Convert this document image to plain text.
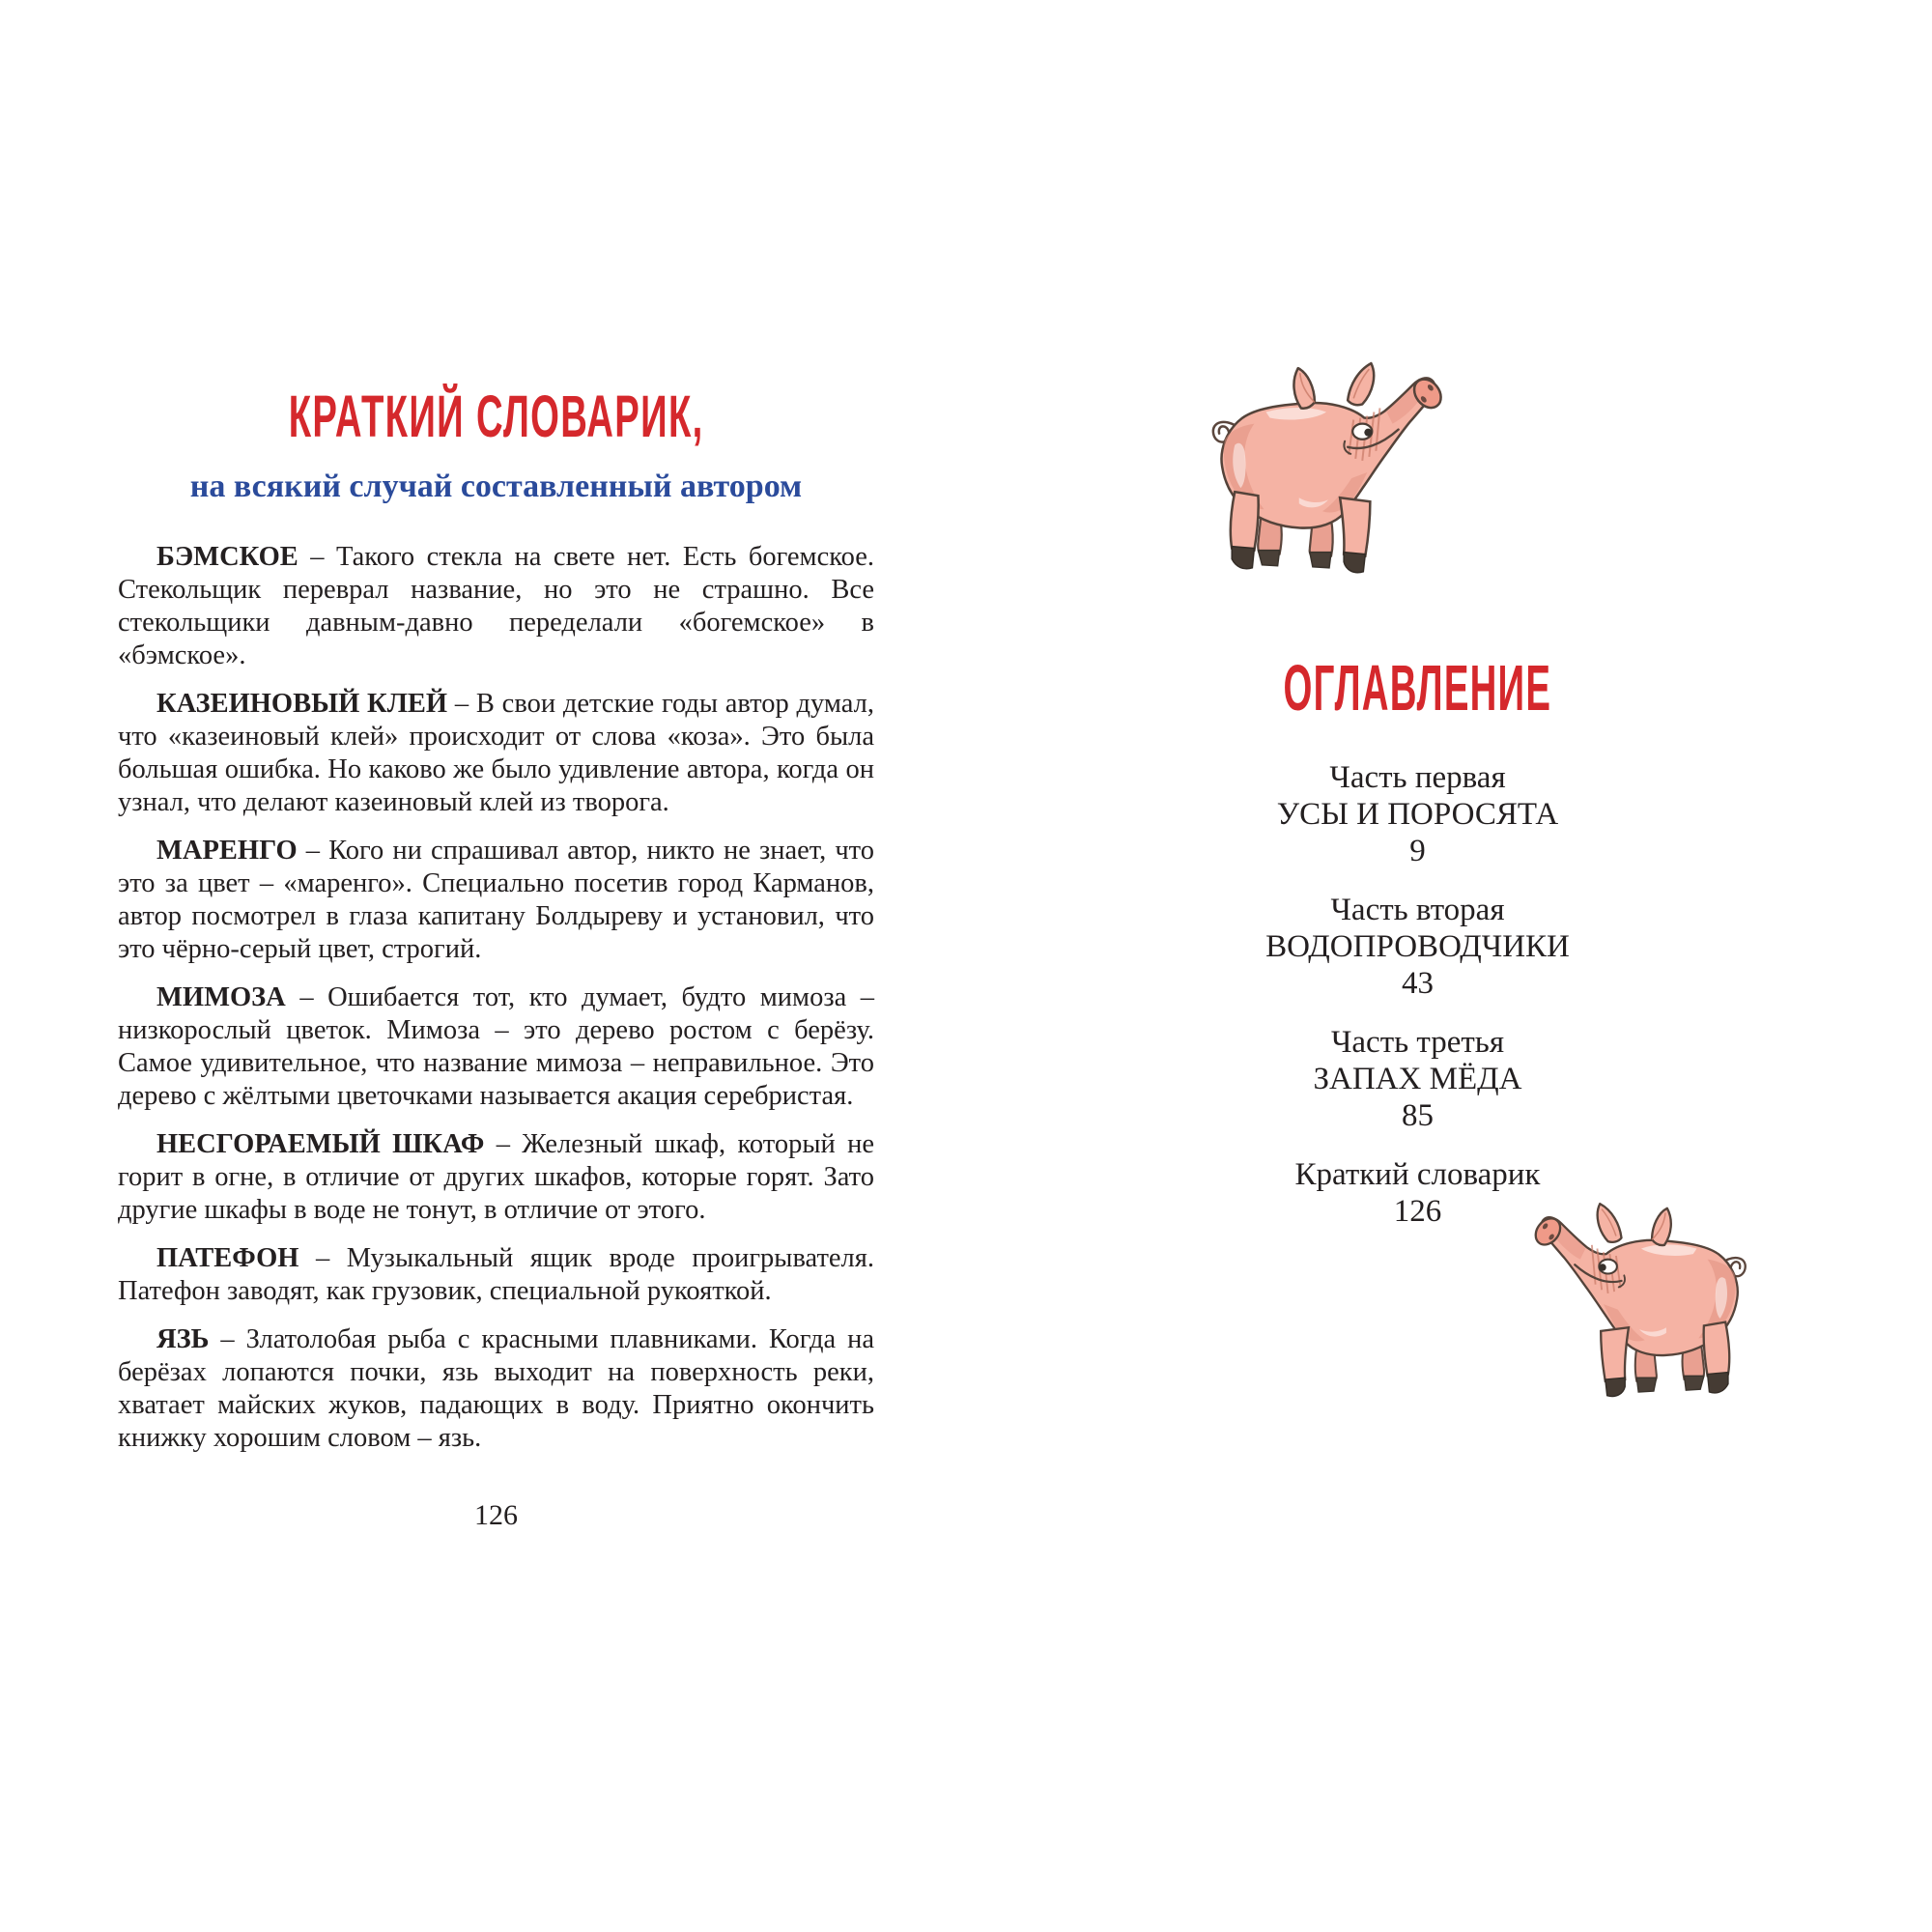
КРАТКИЙ СЛОВАРИК,
на всякий случай составленный автором

БЭМСКОЕ – Такого стекла на свете нет. Есть богемское. Стекольщик переврал название, но это не страшно. Все стекольщики давным-давно переделали «богемское» в «бэмское».

КАЗЕИНОВЫЙ КЛЕЙ – В свои детские годы автор думал, что «казеиновый клей» происходит от слова «коза». Это была большая ошибка. Но каково же было удивление автора, когда он узнал, что делают казеиновый клей из творога.

МАРЕНГО – Кого ни спрашивал автор, никто не знает, что это за цвет – «маренго». Специально посетив город Карманов, автор посмотрел в глаза капитану Болдыреву и установил, что это чёрно-серый цвет, строгий.

МИМОЗА – Ошибается тот, кто думает, будто мимоза – низкорослый цветок. Мимоза – это дерево ростом с берёзу. Самое удивительное, что название мимоза – неправильное. Это дерево с жёлтыми цветочками называется акация серебристая.

НЕСГОРАЕМЫЙ ШКАФ – Железный шкаф, который не горит в огне, в отличие от других шкафов, которые горят. Зато другие шкафы в воде не тонут, в отличие от этого.

ПАТЕФОН – Музыкальный ящик вроде проигрывателя. Патефон заводят, как грузовик, специальной рукояткой.

ЯЗЬ – Златолобая рыба с красными плавниками. Когда на берёзах лопаются почки, язь выходит на поверхность реки, хватает майских жуков, падающих в воду. Приятно окончить книжку хорошим словом – язь.

126
ОГЛАВЛЕНИЕ
Часть первая
УСЫ И ПОРОСЯТА
9
Часть вторая
ВОДОПРОВОДЧИКИ
43
Часть третья
ЗАПАХ МЁДА
85
Краткий словарик
126
